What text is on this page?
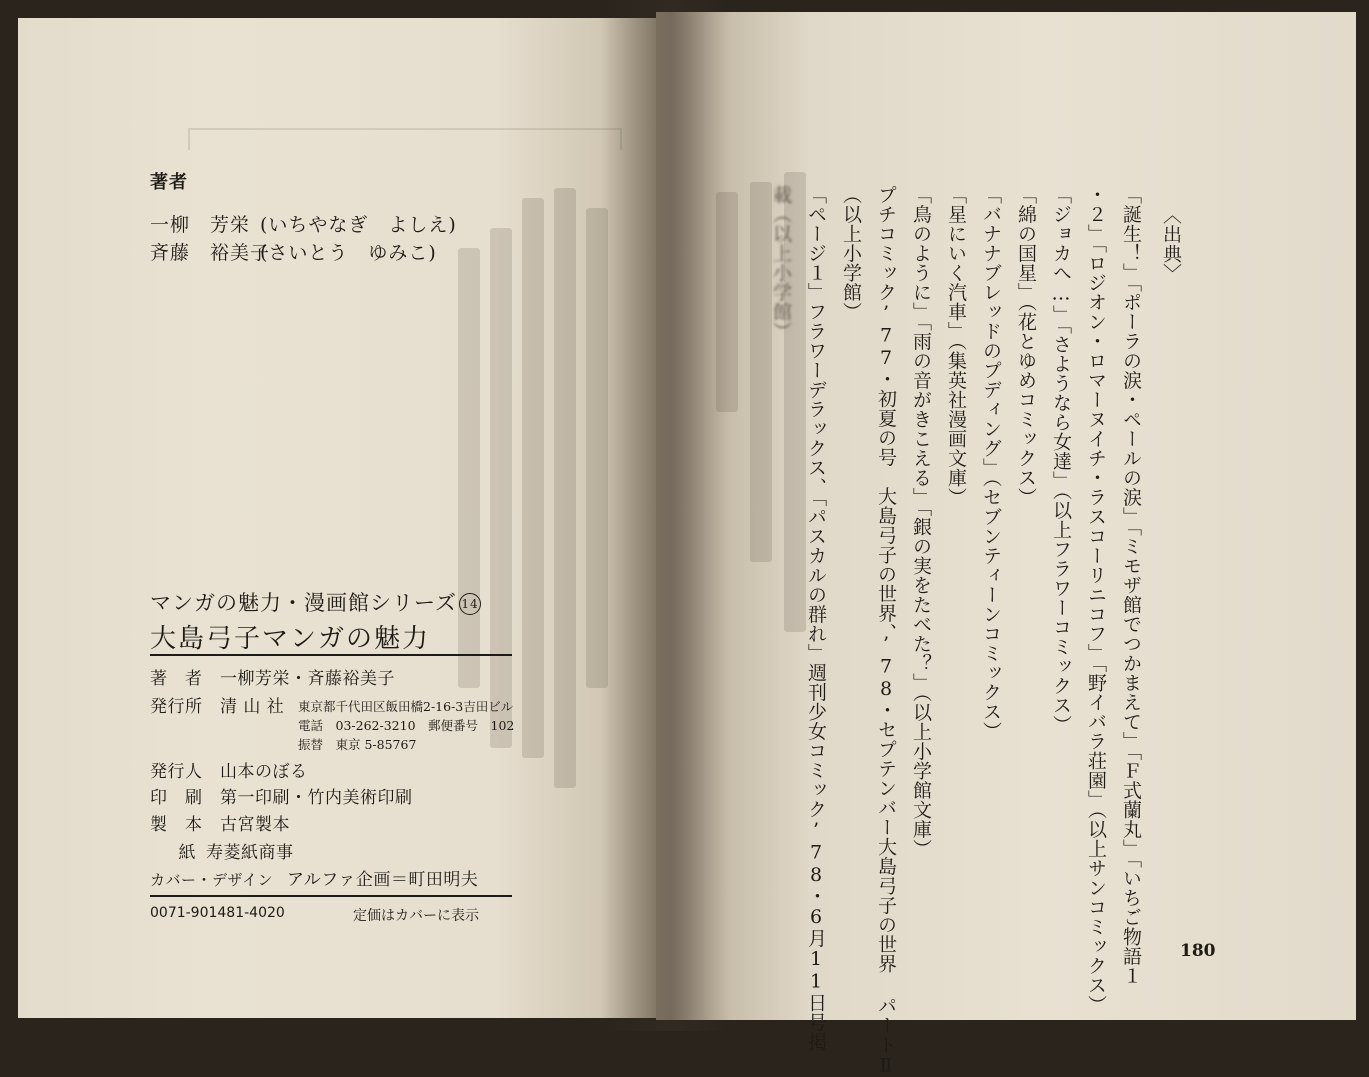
著者
一柳　芳栄 (いちやなぎ　よしえ)
斉藤　裕美子(さいとう　ゆみこ)
マンガの魅力・漫画館シリーズ 14
大島弓子マンガの魅力
著　者 一柳芳栄・斉藤裕美子
発行所 清 山 社 東京都千代田区飯田橋2-16-3吉田ビル
電話　03-262-3210　郵便番号　102
振替　東京 5-85767
発行人 山本のぼる
印　刷 第一印刷・竹内美術印刷
製　本 古宮製本
紙 寿菱紙商事
カバー・デザイン アルファ企画＝町田明夫
0071-901481-4020	定価はカバーに表示
〈出典〉
「誕生！」「ポーラの涙・ペールの涙」「ミモザ館でつかまえて」「Ｆ式蘭丸」「いちご物語１
・２」「ロジオン・ロマーヌイチ・ラスコーリニコフ」「野イバラ荘園」（以上サンコミックス）
「ジョカへ…」「さようなら女達」（以上フラワーコミックス）
「綿の国星」（花とゆめコミックス）
「バナナブレッドのプディング」（セブンティーンコミックス）
「星にいく汽車」（集英社漫画文庫）
「鳥のように」「雨の音がきこえる」「銀の実をたべた？」（以上小学館文庫）
プチコミック’77・初夏の号　大島弓子の世界、’78・セプテンバー大島弓子の世界 パートⅡ
（以上小学館）
「ページ１」フラワーデラックス、「パスカルの群れ」週刊少女コミック’78・6月11日号掲
載（以上小学館）
180
